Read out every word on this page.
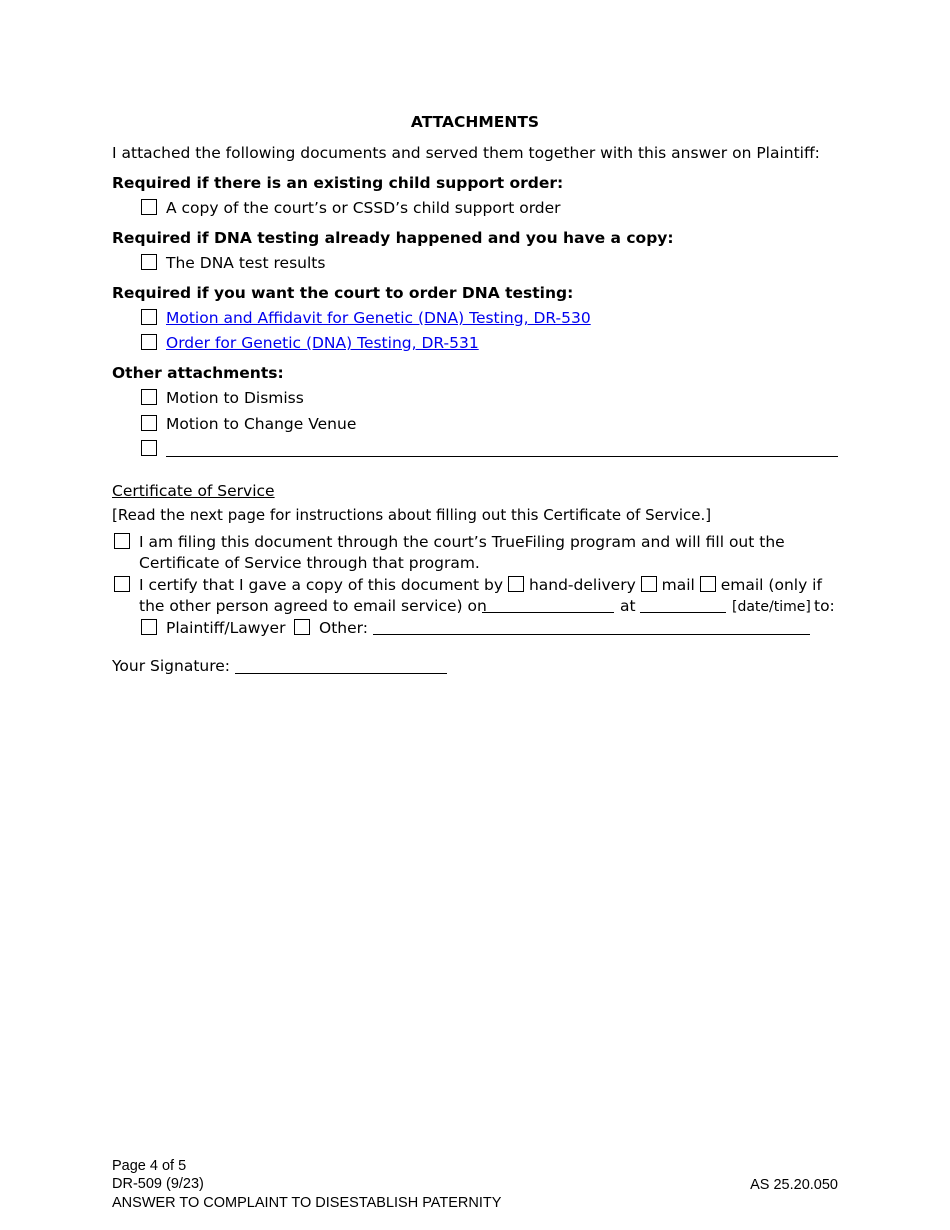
ATTACHMENTS
I attached the following documents and served them together with this answer on Plaintiff:
Required if there is an existing child support order:
A copy of the court’s or CSSD’s child support order
Required if DNA testing already happened and you have a copy:
The DNA test results
Required if you want the court to order DNA testing:
Motion and Affidavit for Genetic (DNA) Testing, DR-530
Order for Genetic (DNA) Testing, DR-531
Other attachments:
Motion to Dismiss
Motion to Change Venue
Certificate of Service
[Read the next page for instructions about filling out this Certificate of Service.]
I am filing this document through the court’s TrueFiling program and will fill out the
Certificate of Service through that program.
I certify that I gave a copy of this document by hand-delivery mail email (only if
the other person agreed to email service) on	at	[date/time] to:
Plaintiff/Lawyer Other:
Your Signature:
Page 4 of 5
DR-509 (9/23)
ANSWER TO COMPLAINT TO DISESTABLISH PATERNITY
AS 25.20.050
